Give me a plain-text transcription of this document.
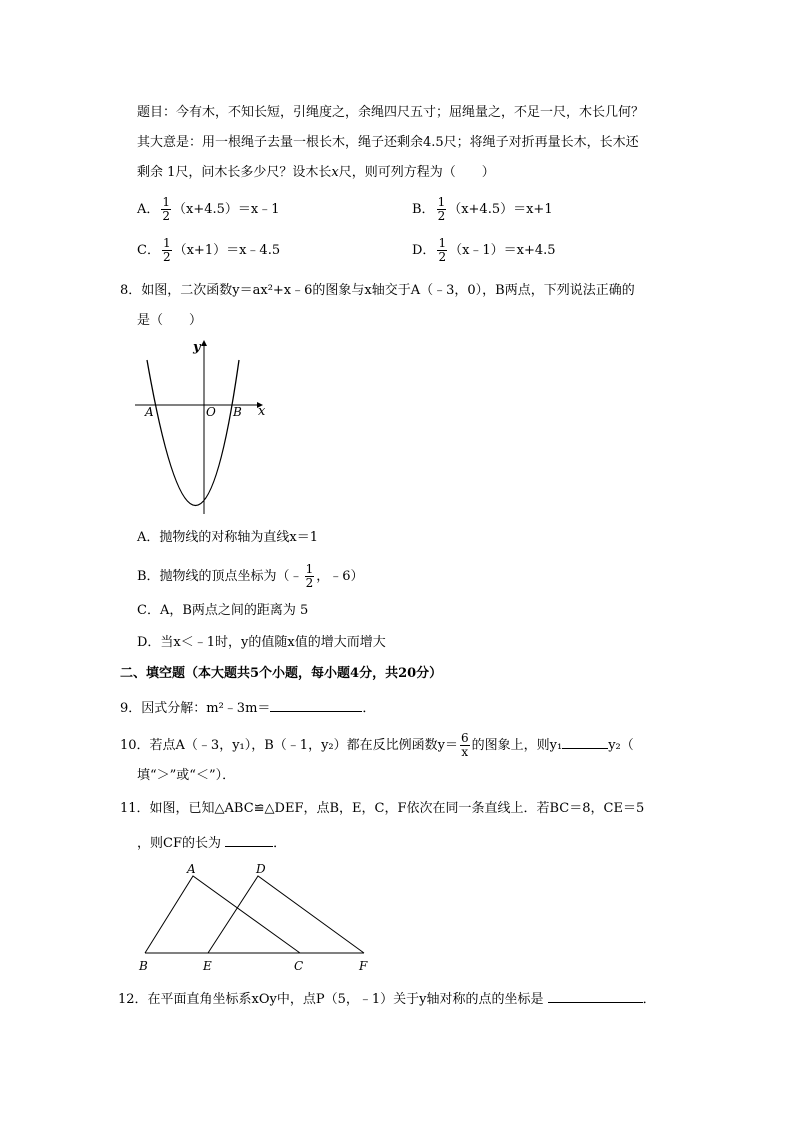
题目：今有木，不知长短，引绳度之，余绳四尺五寸；屈绳量之，不足一尺，木长几何？
其大意是：用一根绳子去量一根长木，绳子还剩余4.5尺；将绳子对折再量长木，长木还
剩余 1尺，问木长多少尺？设木长x尺，则可列方程为（　　）
A． $\frac{1}{2}$ （x+4.5）＝x﹣1	B． $\frac{1}{2} (x+4.5)=x+1$
C． $\frac{1}{2}$ （x+1）＝x﹣4.5	D． $\frac{1}{2}$ （x﹣1）＝x+4.5
8．如图，二次函数y＝ax²+x﹣6的图象与x轴交于A（﹣3，0），B两点，下列说法正确的
是（　　）
y
x
O
A	B
A．抛物线的对称轴为直线x＝1
B．抛物线的顶点坐标为（﹣ $\frac{1}{2}$ ，﹣6）
C．A，B两点之间的距离为 5
D．当x＜﹣1时，y的值随x值的增大而增大
二、填空题（本大题共5个小题，每小题4分，共20分）
9．因式分解：m²﹣3m＝	．
10．若点A（﹣3，y₁），B（﹣1，y₂）都在反比例函数$y= \frac{6}{x}$ 的图象上，则y₁	y₂（
填“＞”或“＜”）．
11．如图，已知△ABC≌△DEF，点B，E，C，F依次在同一条直线上．若BC＝8，CE＝5
，则CF的长为	．
A	D
B	E	C	F
12．在平面直角坐标系xOy中，点P（5，﹣1）关于y轴对称的点的坐标是	．
